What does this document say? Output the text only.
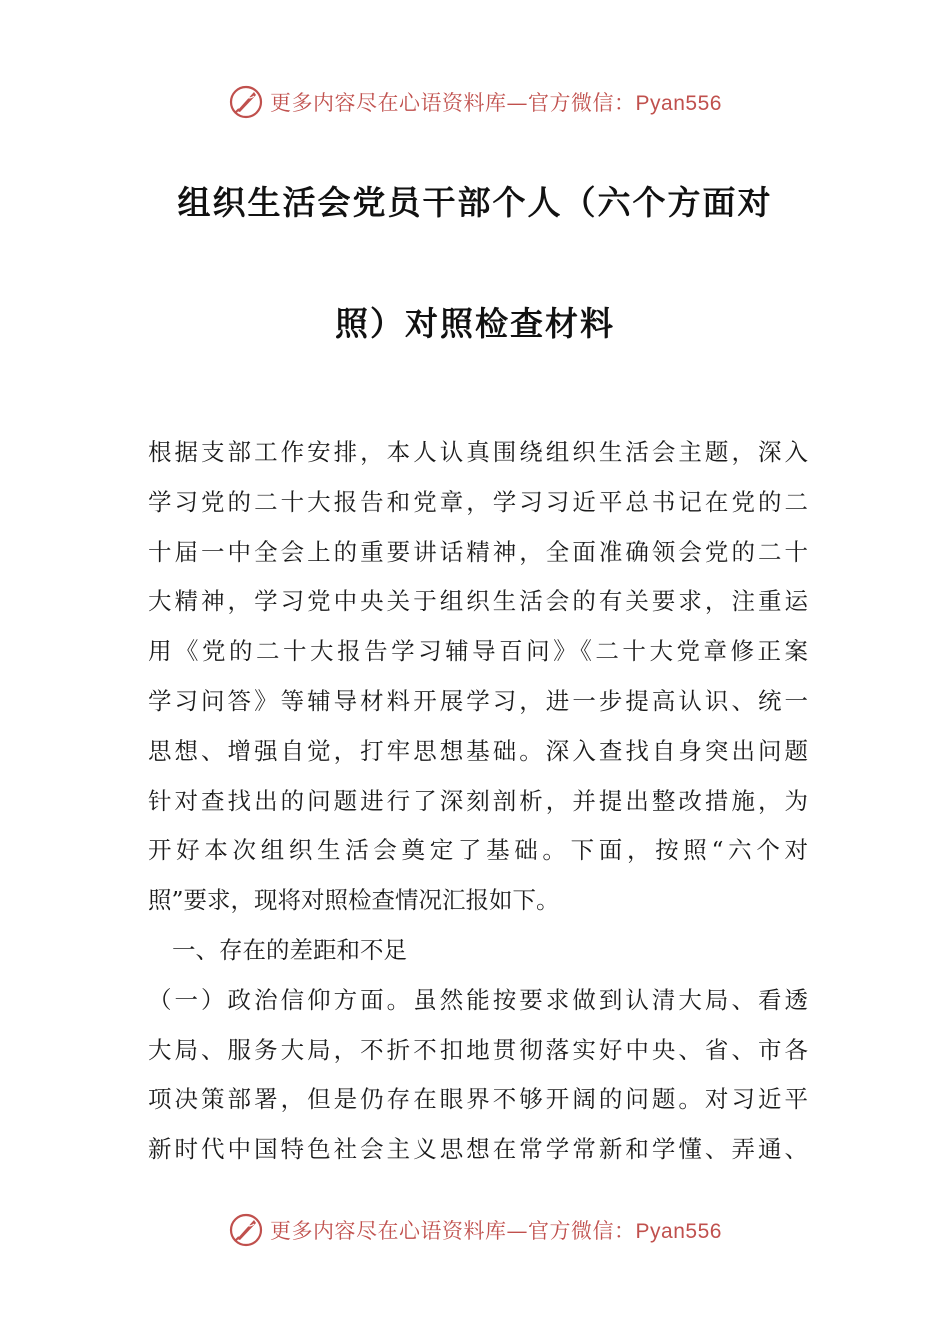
更多内容尽在心语资料库—官方微信：Pyan556
组织生活会党员干部个人（六个方面对
照）对照检查材料
根据支部工作安排，本人认真围绕组织生活会主题，深入
学习党的二十大报告和党章，学习习近平总书记在党的二
十届一中全会上的重要讲话精神，全面准确领会党的二十
大精神，学习党中央关于组织生活会的有关要求，注重运
用《党的二十大报告学习辅导百问》《二十大党章修正案
学习问答》等辅导材料开展学习，进一步提高认识、统一
思想、增强自觉，打牢思想基础。深入查找自身突出问题
针对查找出的问题进行了深刻剖析，并提出整改措施，为
开好本次组织生活会奠定了基础。下面，按照“六个对
照”要求，现将对照检查情况汇报如下。
一、存在的差距和不足
（一）政治信仰方面。虽然能按要求做到认清大局、看透
大局、服务大局，不折不扣地贯彻落实好中央、省、市各
项决策部署，但是仍存在眼界不够开阔的问题。对习近平
新时代中国特色社会主义思想在常学常新和学懂、弄通、
更多内容尽在心语资料库—官方微信：Pyan556
